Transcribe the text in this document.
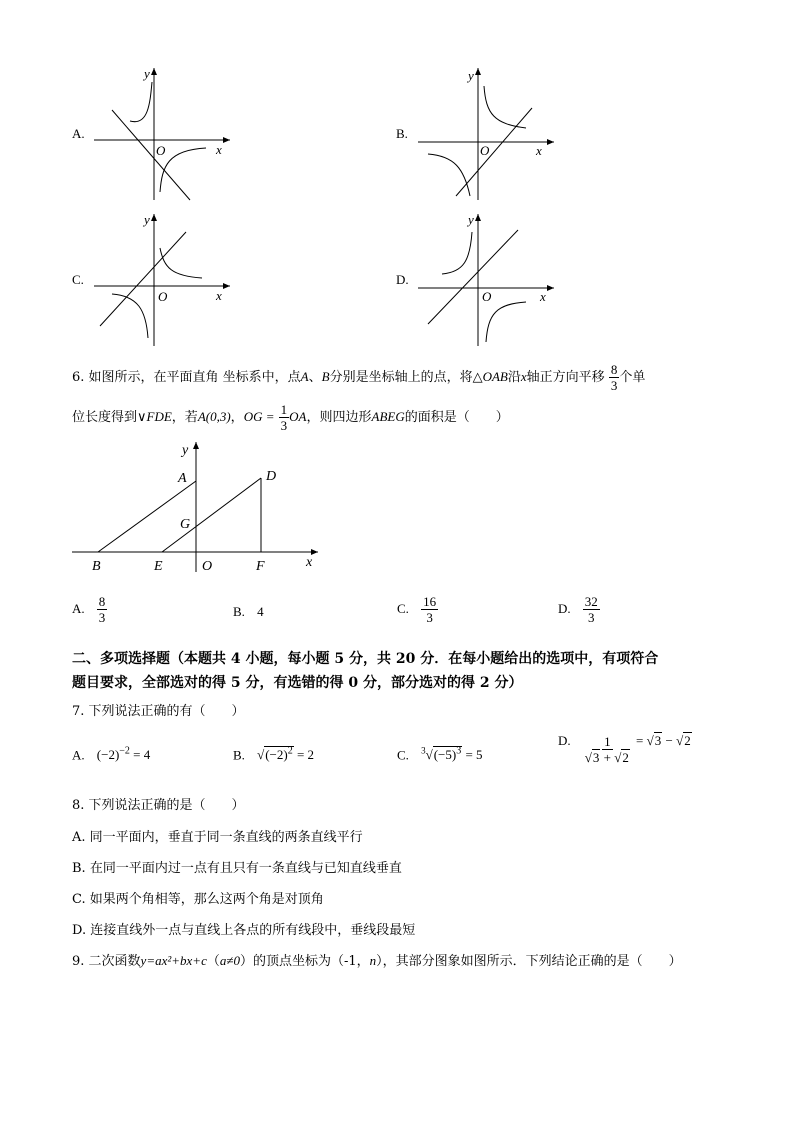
A.
y
x
O
B.
y
x
O
C.
y
x
O
D.
y
x
O
6. 如图所示，在平面直角 坐标系中，点A、B分别是坐标轴上的点，将△OAB沿x轴正方向平移 $\frac{8}{3}$ 个单
位长度得到∨FDE，若A(0,3)，OG = $\frac{1}{3}$ OA，则四边形ABEG的面积是（　　）
y
A	D
G
B	E	O	F	x
A. $\frac{8}{3}$	B. 4	C. $\frac{16}{3}$	D. $\frac{32}{3}$
二、多项选择题（本题共 4 小题，每小题 5 分，共 20 分．在每小题给出的选项中，有项符合
题目要求，全部选对的得 5 分，有选错的得 0 分，部分选对的得 2 分）
7. 下列说法正确的有（　　）
A. $(-2)^{-2} = 4$	B. $√(-2)^2 = 2$	C. $^3√(-5)^3 = 5$
D. $\frac{1}{√3 + √2} = √3 - √2$
8. 下列说法正确的是（　　）
A. 同一平面内，垂直于同一条直线的两条直线平行
B. 在同一平面内过一点有且只有一条直线与已知直线垂直
C. 如果两个角相等，那么这两个角是对顶角
D. 连接直线外一点与直线上各点的所有线段中，垂线段最短
9. 二次函数y=ax²+bx+c（a≠0）的顶点坐标为（-1，n），其部分图象如图所示．下列结论正确的是（　　）
